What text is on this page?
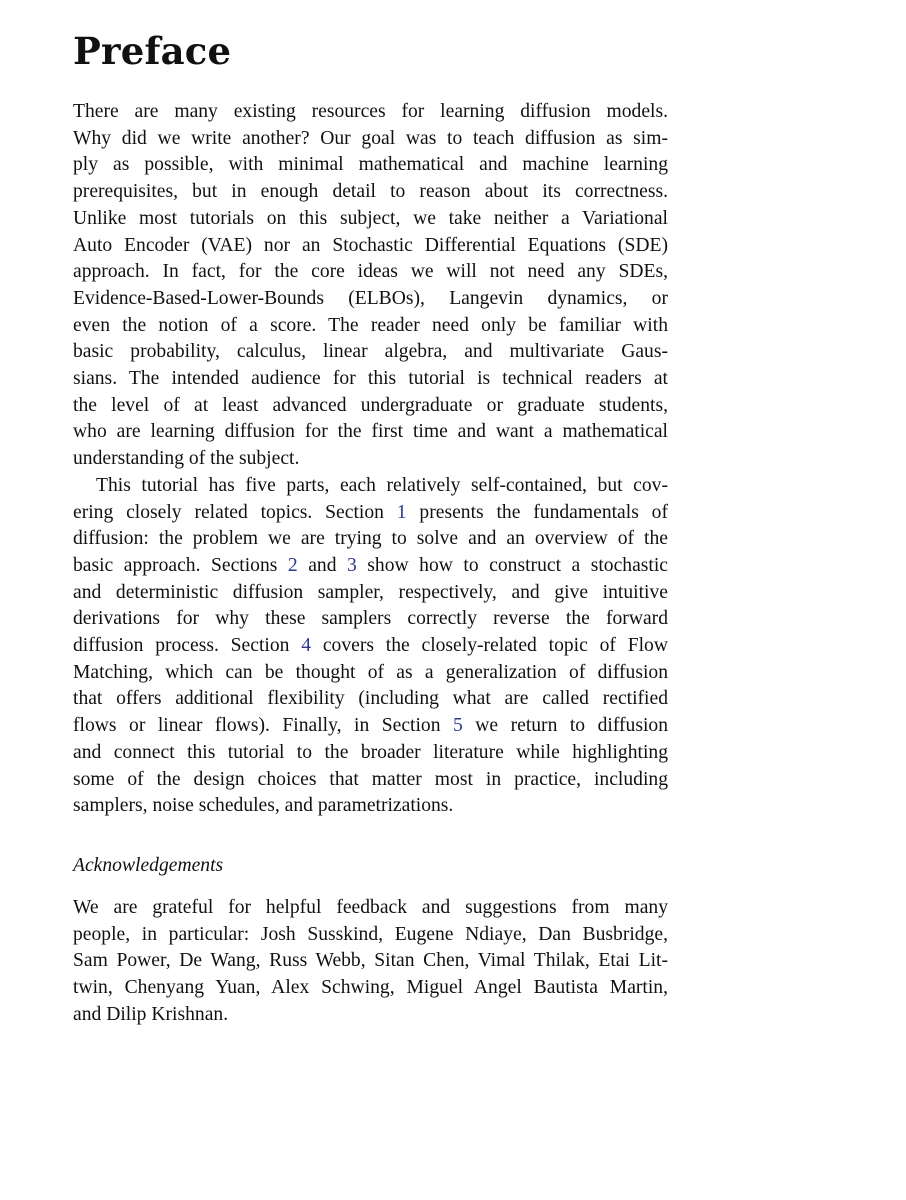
Preface
There are many existing resources for learning diffusion models.
Why did we write another? Our goal was to teach diffusion as sim-
ply as possible, with minimal mathematical and machine learning
prerequisites, but in enough detail to reason about its correctness.
Unlike most tutorials on this subject, we take neither a Variational
Auto Encoder (VAE) nor an Stochastic Differential Equations (SDE)
approach. In fact, for the core ideas we will not need any SDEs,
Evidence-Based-Lower-Bounds (ELBOs), Langevin dynamics, or
even the notion of a score. The reader need only be familiar with
basic probability, calculus, linear algebra, and multivariate Gaus-
sians. The intended audience for this tutorial is technical readers at
the level of at least advanced undergraduate or graduate students,
who are learning diffusion for the first time and want a mathematical
understanding of the subject.
This tutorial has five parts, each relatively self-contained, but cov-
ering closely related topics. Section 1 presents the fundamentals of
diffusion: the problem we are trying to solve and an overview of the
basic approach. Sections 2 and 3 show how to construct a stochastic
and deterministic diffusion sampler, respectively, and give intuitive
derivations for why these samplers correctly reverse the forward
diffusion process. Section 4 covers the closely-related topic of Flow
Matching, which can be thought of as a generalization of diffusion
that offers additional flexibility (including what are called rectified
flows or linear flows). Finally, in Section 5 we return to diffusion
and connect this tutorial to the broader literature while highlighting
some of the design choices that matter most in practice, including
samplers, noise schedules, and parametrizations.
Acknowledgements
We are grateful for helpful feedback and suggestions from many
people, in particular: Josh Susskind, Eugene Ndiaye, Dan Busbridge,
Sam Power, De Wang, Russ Webb, Sitan Chen, Vimal Thilak, Etai Lit-
twin, Chenyang Yuan, Alex Schwing, Miguel Angel Bautista Martin,
and Dilip Krishnan.
